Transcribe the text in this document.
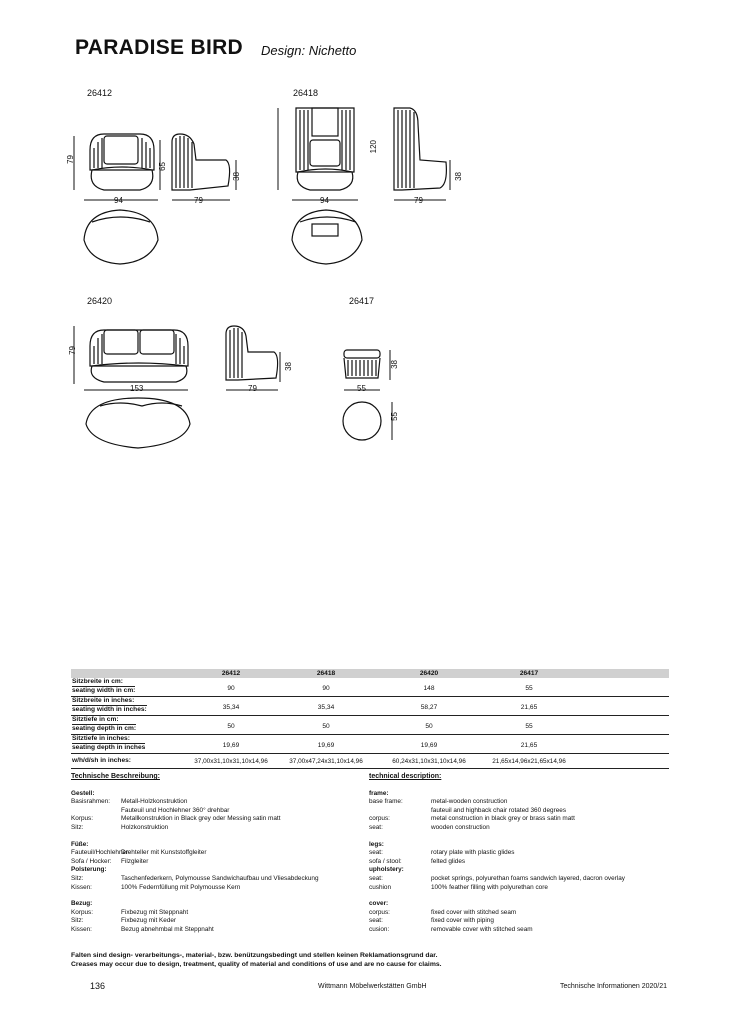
PARADISE BIRD Design: Nichetto
26412	26418
26420	26417
79
65
38
94	79
120
38
94	79
79
38
153	79
38
55
55
26412	26418	26420	26417
Sitzbreite in cm:
seating width in cm:	90	90	148	55
Sitzbreite in inches:
seating width in inches:	35,34	35,34	58,27	21,65
Sitztiefe in cm:
seating depth in cm:	50	50	50	55
Sitztiefe in inches:
seating depth in inches	19,69	19,69	19,69	21,65
w/h/d/sh in inches:	37,00x31,10x31,10x14,96	37,00x47,24x31,10x14,96	60,24x31,10x31,10x14,96	21,65x14,96x21,65x14,96
Technische Beschreibung:
Gestell:
Basisrahmen: Metall-Holzkonstruktion
Fauteuil und Hochlehner 360° drehbar
Korpus:	Metallkonstruktion in Black grey oder Messing satin matt
Sitz:	Holzkonstruktion
Füße:
Fauteuil/Hochlehner:
Drehteller mit Kunststoffgleiter
Sofa / Hocker: Filzgleiter
Polsterung:
Sitz:	Taschenfederkern, Polymousse Sandwichaufbau und Vliesabdeckung
Kissen:	100% Federnfüllung mit Polymousse Kern
Bezug:
Korpus:	Fixbezug mit Steppnaht
Sitz:	Fixbezug mit Keder
Kissen:	Bezug abnehmbal mit Steppnaht
technical description:
frame:
base frame:	metal-wooden construction
fauteuil and highback chair rotated 360 degrees
corpus:	metal construction in black grey or brass satin matt
seat:	wooden construction
legs:
seat:	rotary plate with plastic glides
sofa / stool:	felted glides
upholstery:
seat:	pocket springs, polyurethan foams sandwich layered, dacron overlay
cushion	100% feather filling with polyurethan core
cover:
corpus:	fixed cover with stitched seam
seat:	fixed cover with piping
cusion:	removable cover with stitched seam
Falten sind design- verarbeitungs-, material-, bzw. benützungsbedingt und stellen keinen Reklamationsgrund dar.
Creases may occur due to design, treatment, quality of material and conditions of use and are no cause for claims.
136	Wittmann Möbelwerkstätten GmbH	Technische Informationen 2020/21
